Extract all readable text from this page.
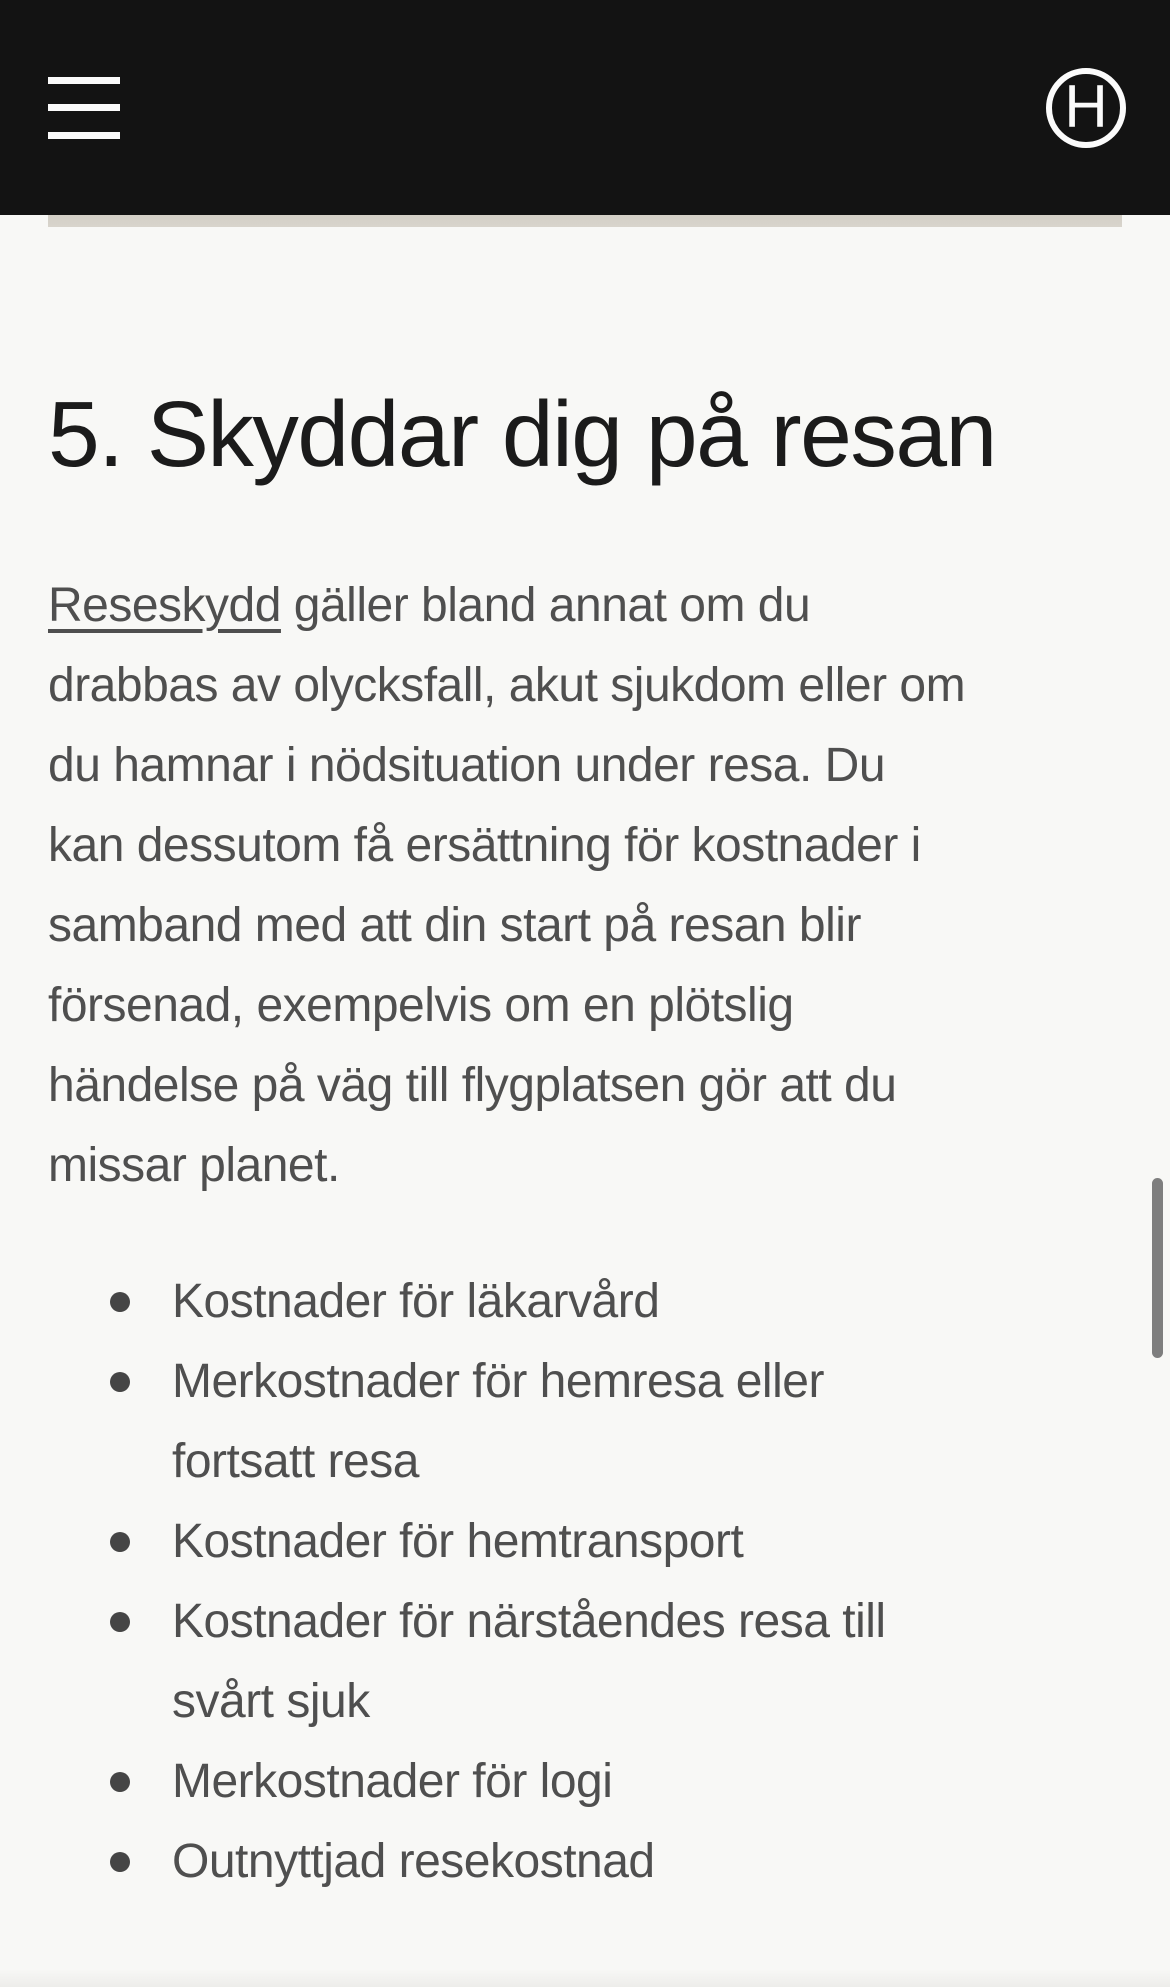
H
5. Skyddar dig på resan

Reseskydd gäller bland annat om du
drabbas av olycksfall, akut sjukdom eller om
du hamnar i nödsituation under resa. Du
kan dessutom få ersättning för kostnader i
samband med att din start på resan blir
försenad, exempelvis om en plötslig
händelse på väg till flygplatsen gör att du
missar planet.

Kostnader för läkarvård
Merkostnader för hemresa eller
fortsatt resa
Kostnader för hemtransport
Kostnader för närståendes resa till
svårt sjuk
Merkostnader för logi
Outnyttjad resekostnad
